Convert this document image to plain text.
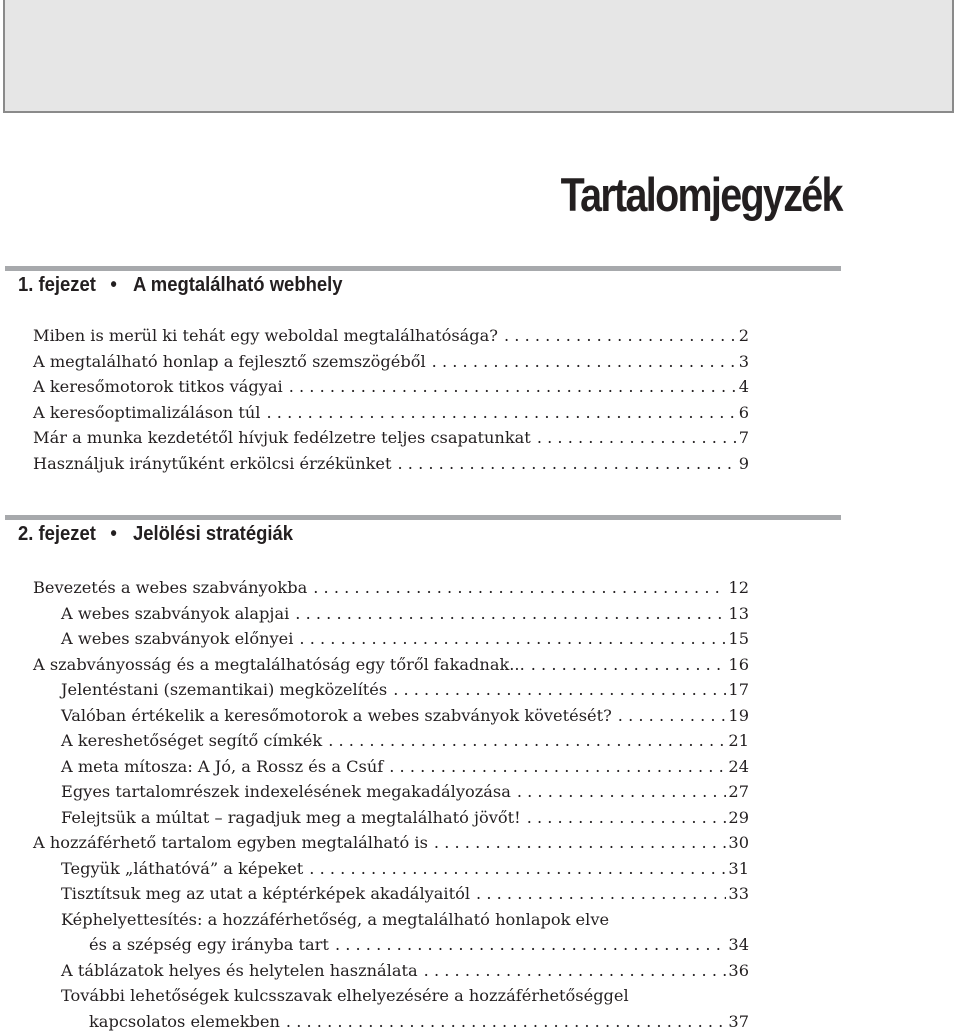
Tartalomjegyzék
1. fejezet • A megtalálható webhely
Miben is merül ki tehát egy weboldal megtalálhatósága? . . .	2
A megtalálható honlap a fejlesztő szemszögéből . . .	3
A keresőmotorok titkos vágyai . . .	4
A keresőoptimalizáláson túl . . .	6
Már a munka kezdetétől hívjuk fedélzetre teljes csapatunkat . . .	7
Használjuk iránytűként erkölcsi érzékünket . . .	9
2. fejezet • Jelölési stratégiák
Bevezetés a webes szabványokba . . .	12
A webes szabványok alapjai . . .	13
A webes szabványok előnyei . . .	15
A szabványosság és a megtalálhatóság egy tőről fakadnak... . . .	16
Jelentéstani (szemantikai) megközelítés . . .	17
Valóban értékelik a keresőmotorok a webes szabványok követését? . . .	19
A kereshetőséget segítő címkék . . .	21
A meta mítosza: A Jó, a Rossz és a Csúf . . .	24
Egyes tartalomrészek indexelésének megakadályozása . . .	27
Felejtsük a múltat – ragadjuk meg a megtalálható jövőt! . . .	29
A hozzáférhető tartalom egyben megtalálható is . . .	30
Tegyük „láthatóvá” a képeket . . .	31
Tisztítsuk meg az utat a képtérképek akadályaitól . . .	33
Képhelyettesítés: a hozzáférhetőség, a megtalálható honlapok elve
és a szépség egy irányba tart . . .	34
A táblázatok helyes és helytelen használata . . .	36
További lehetőségek kulcsszavak elhelyezésére a hozzáférhetőséggel
kapcsolatos elemekben . . .	37
